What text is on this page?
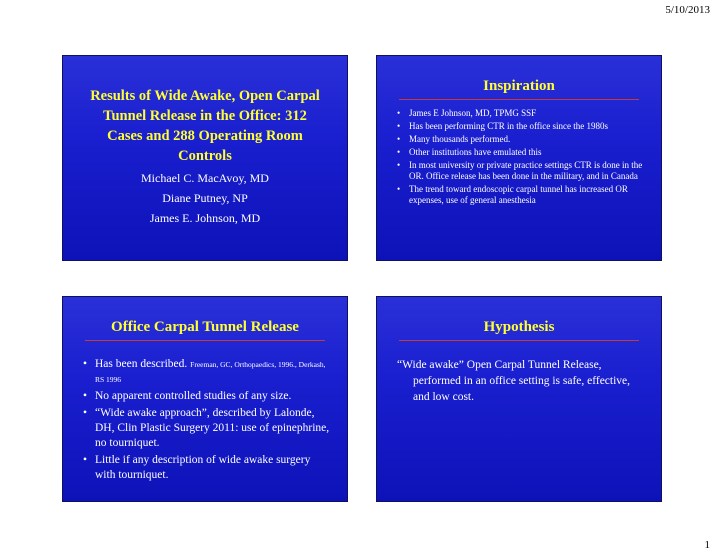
5/10/2013
Results of Wide Awake, Open Carpal Tunnel Release in the Office: 312 Cases and 288 Operating Room Controls
Michael C. MacAvoy, MD
Diane Putney, NP
James E. Johnson, MD
Inspiration
• James E Johnson, MD, TPMG SSF
• Has been performing CTR in the office since the 1980s
• Many thousands performed.
• Other institutions have emulated this
• In most university or private practice settings CTR is done in the OR. Office release has been done in the military, and in Canada
• The trend toward endoscopic carpal tunnel has increased OR expenses, use of general anesthesia
Office Carpal Tunnel Release
• Has been described. Freeman, GC, Orthopaedics, 1996., Derkash, RS 1996
• No apparent controlled studies of any size.
• “Wide awake approach”, described by Lalonde, DH, Clin Plastic Surgery 2011: use of epinephrine, no tourniquet.
• Little if any description of wide awake surgery with tourniquet.
Hypothesis
“Wide awake” Open Carpal Tunnel Release, performed in an office setting is safe, effective, and low cost.
1
